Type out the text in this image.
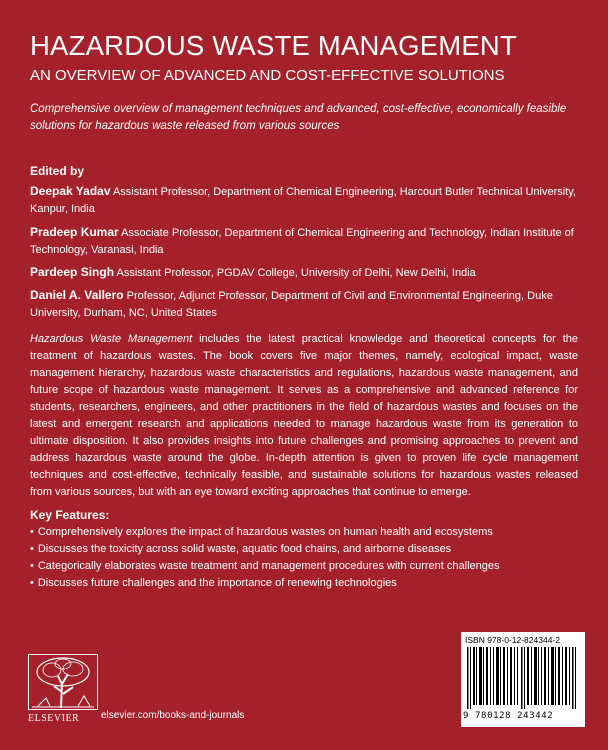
HAZARDOUS WASTE MANAGEMENT
AN OVERVIEW OF ADVANCED AND COST-EFFECTIVE SOLUTIONS
Comprehensive overview of management techniques and advanced, cost-effective, economically feasible solutions for hazardous waste released from various sources
Edited by
Deepak Yadav Assistant Professor, Department of Chemical Engineering, Harcourt Butler Technical University, Kanpur, India
Pradeep Kumar Associate Professor, Department of Chemical Engineering and Technology, Indian Institute of Technology, Varanasi, India
Pardeep Singh Assistant Professor, PGDAV College, University of Delhi, New Delhi, India
Daniel A. Vallero Professor, Adjunct Professor, Department of Civil and Environmental Engineering, Duke University, Durham, NC, United States
Hazardous Waste Management includes the latest practical knowledge and theoretical concepts for the treatment of hazardous wastes. The book covers five major themes, namely, ecological impact, waste management hierarchy, hazardous waste characteristics and regulations, hazardous waste management, and future scope of hazardous waste management. It serves as a comprehensive and advanced reference for students, researchers, engineers, and other practitioners in the field of hazardous wastes and focuses on the latest and emergent research and applications needed to manage hazardous waste from its generation to ultimate disposition. It also provides insights into future challenges and promising approaches to prevent and address hazardous waste around the globe. In-depth attention is given to proven life cycle management techniques and cost-effective, technically feasible, and sustainable solutions for hazardous wastes released from various sources, but with an eye toward exciting approaches that continue to emerge.
Key Features:
• Comprehensively explores the impact of hazardous wastes on human health and ecosystems
• Discusses the toxicity across solid waste, aquatic food chains, and airborne diseases
• Categorically elaborates waste treatment and management procedures with current challenges
• Discusses future challenges and the importance of renewing technologies
ISBN 978-0-12-824344-2
9 780128 243442
ELSEVIER elsevier.com/books-and-journals
